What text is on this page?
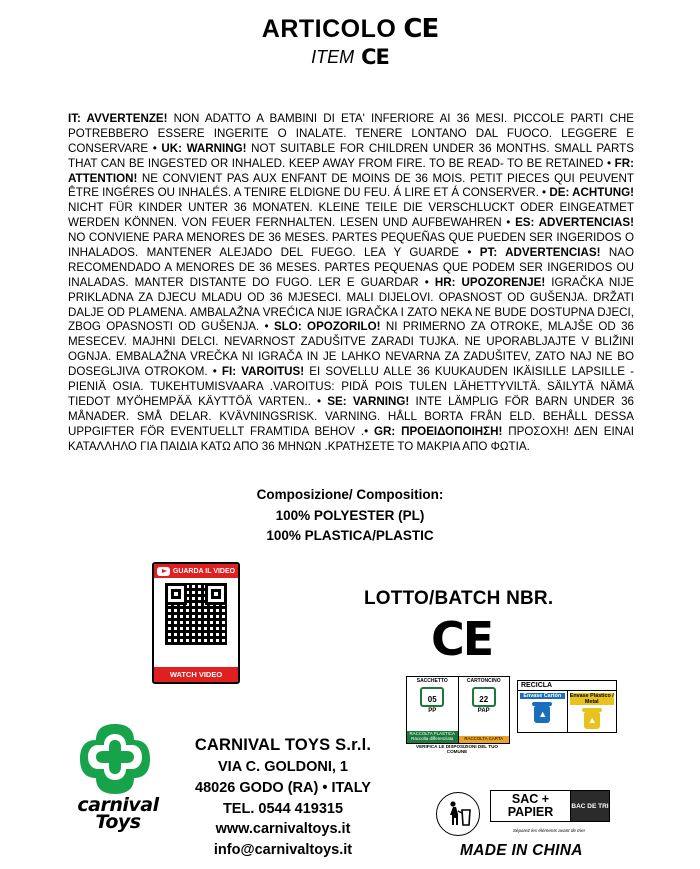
ARTICOLO C E
ITEM C E
IT: AVVERTENZE! NON ADATTO A BAMBINI DI ETA' INFERIORE AI 36 MESI. PICCOLE PARTI CHE POTREBBERO ESSERE INGERITE O INALATE. TENERE LONTANO DAL FUOCO. LEGGERE E CONSERVARE • UK: WARNING! NOT SUITABLE FOR CHILDREN UNDER 36 MONTHS. SMALL PARTS THAT CAN BE INGESTED OR INHALED. KEEP AWAY FROM FIRE. TO BE READ- TO BE RETAINED • FR: ATTENTION! NE CONVIENT PAS AUX ENFANT DE MOINS DE 36 MOIS. PETIT PIECES QUI PEUVENT ÊTRE INGÉRES OU INHALÉS. A TENIRE ELDIGNE DU FEU. Á LIRE ET Á CONSERVER. • DE: ACHTUNG! NICHT FÜR KINDER UNTER 36 MONATEN. KLEINE TEILE DIE VERSCHLUCKT ODER EINGEATMET WERDEN KÖNNEN. VON FEUER FERNHALTEN. LESEN UND AUFBEWAHREN • ES: ADVERTENCIAS! NO CONVIENE PARA MENORES DE 36 MESES. PARTES PEQUEÑAS QUE PUEDEN SER INGERIDOS O INHALADOS. MANTENER ALEJADO DEL FUEGO. LEA Y GUARDE • PT: ADVERTENCIAS! NAO RECOMENDADO A MENORES DE 36 MESES. PARTES PEQUENAS QUE PODEM SER INGERIDOS OU INALADAS. MANTER DISTANTE DO FUGO. LER E GUARDAR • HR: UPOZORENJE! IGRAČKA NIJE PRIKLADNA ZA DJECU MLADU OD 36 MJESECI. MALI DIJELOVI. OPASNOST OD GUŠENJA. DRŽATI DALJE OD PLAMENA. AMBALAŽNA VREĆICA NIJE IGRAČKA I ZATO NEKA NE BUDE DOSTUPNA DJECI, ZBOG OPASNOSTI OD GUŠENJA. • SLO: OPOZORILO! NI PRIMERNO ZA OTROKE, MLAJŠE OD 36 MESECEV. MAJHNI DELCI. NEVARNOST ZADUŠITVE ZARADI TUJKA. NE UPORABLJAJTE V BLIŽINI OGNJA. EMBALAŽNA VREČKA NI IGRAČA IN JE LAHKO NEVARNA ZA ZADUŠITEV, ZATO NAJ NE BO DOSEGLJIVA OTROKOM. • FI: VAROITUS! EI SOVELLU ALLE 36 KUUKAUDEN IKÄISILLE LAPSILLE - PIENIÄ OSIA. TUKEHTUMISVAARA .VAROITUS: PIDÄ POIS TULEN LÄHETTYVILTÄ. SÄILYTÄ NÄMÄ TIEDOT MYÖHEMPÄÄ KÄYTTÖÄ VARTEN.. • SE: VARNING! INTE LÄMPLIG FÖR BARN UNDER 36 MÅNADER. SMÅ DELAR. KVÄVNINGSRISK. VARNING. HÅLL BORTA FRÅN ELD. BEHÅLL DESSA UPPGIFTER FÖR EVENTUELLT FRAMTIDA BEHOV .• GR: ΠΡΟΕΙΔΟΠΟΙΗΣΗ! ΠΡΟΣΟΧΗ! ΔΕΝ ΕΙΝΑΙ ΚΑΤΑΛΛΗΛΟ ΓΙΑ ΠΑΙΔΙΑ ΚΑΤΩ ΑΠΟ 36 ΜΗΝΩΝ .ΚΡΑΤΗΣΕΤΕ ΤΟ ΜΑΚΡΙΑ ΑΠΟ ΦΩΤΙΑ.
Composizione/ Composition:
100% POLYESTER (PL)
100% PLASTICA/PLASTIC
GUARDA IL VIDEO
WATCH VIDEO
LOTTO/BATCH NBR.
C E
SACCHETTO
05
PP
RACCOLTA PLASTICA Raccolta differenziata
CARTONCINO
22
PAP
RACCOLTA CARTA
VERIFICA LE DISPOSIZIONI DEL TUO COMUNE
RECICLA
Envase Cartón
▲
Envase Plástico / Metal
▲
SAC + PAPIER	BAC DE TRI
Séparez les éléments avant de trier
carnival
Toys
CARNIVAL TOYS S.r.l.
VIA C. GOLDONI, 1
48026 GODO (RA) • ITALY
TEL. 0544 419315
www.carnivaltoys.it
info@carnivaltoys.it	MADE IN CHINA
